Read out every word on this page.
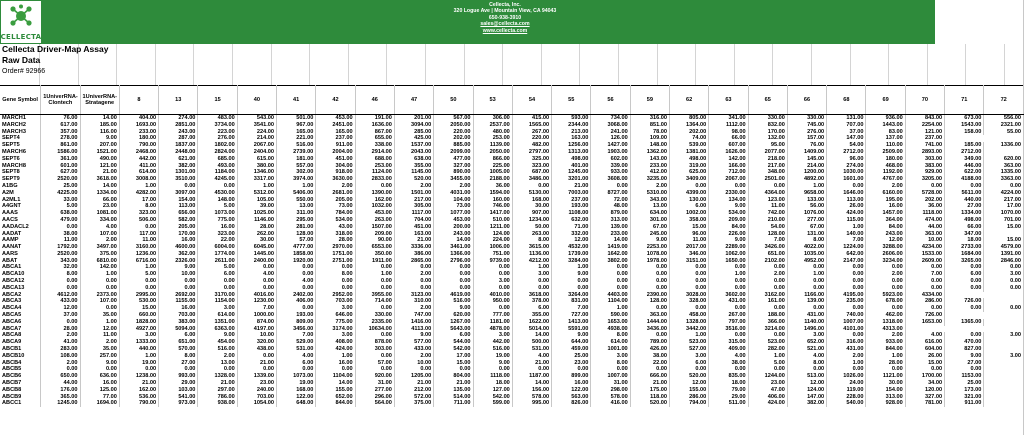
CELLECTA
Cellecta, Inc.
320 Logue Ave | Mountain View, CA 94043
650-938-3910
sales@cellecta.com
www.cellecta.com
Cellecta Driver-Map Assay
Raw Data
Order# 92966
Gene Symbol	1UniverRNA-Clontech	1UniverRNA-Stratagene	8	13	15	40	41	42	46	47	50	53	54	55	56	59	62	63	65	66	68	69	70	71	72
MARCH1	76.00	14.00	404.00	274.00	483.00	543.00	501.00	453.00	191.00	201.00	567.00	306.00	415.00	593.00	734.00	316.00	805.00	341.00	330.00	330.00	131.00	936.00	843.00	673.00	556.00
MARCH2	617.00	185.00	1693.00	2851.00	3734.00	3541.00	967.00	2451.00	1636.00	3094.00	2050.00	2537.00	1565.00	2344.00	3068.00	851.00	1364.00	1112.00	832.00	745.00	707.00	1443.00	2254.00	1543.00	2321.00
MARCH3	357.00	116.00	233.00	243.00	223.00	224.00	165.00	165.00	867.00	285.00	220.00	480.00	267.00	213.00	241.00	78.00	202.00	98.00	170.00	276.00	37.00	83.00	121.00	158.00	55.00
SEPT4	278.00	9.00	180.00	287.00	276.00	214.00	221.00	237.00	655.00	425.00	202.00	253.00	220.00	163.00	126.00	109.00	74.00	66.00	132.00	157.00	147.00	137.00	237.00		
SEPT5	861.00	207.00	790.00	1837.00	1802.00	2067.00	516.00	911.00	338.00	1537.00	885.00	1139.00	482.00	1256.00	1427.00	148.00	539.00	607.00	95.00	76.00	54.00	110.00	741.00	185.00	1336.00
MARCH6	1586.00	1521.00	2468.00	2448.00	2824.00	2404.00	2739.00	2004.00	2914.00	2043.00	2099.00	2050.00	2797.00	1313.00	1903.00	1362.00	1381.00	1626.00	2077.00	1409.00	2712.00	2509.00	2893.00	2712.00	
SEPT6	361.00	490.00	442.00	621.00	685.00	615.00	181.00	451.00	688.00	638.00	477.00	866.00	325.00	498.00	602.00	143.00	498.00	142.00	218.00	145.00	96.00	180.00	303.00	349.00	620.00
MARCH8	601.00	121.00	411.00	382.00	493.00	380.00	557.00	304.00	253.00	355.00	327.00	225.00	323.00	401.00	339.00	233.00	319.00	166.00	217.00	214.00	274.00	468.00	383.00	446.00	363.00
SEPT8	627.00	21.00	614.00	1301.00	1184.00	1346.00	302.00	918.00	1124.00	1145.00	890.00	1005.00	687.00	1245.00	933.00	412.00	625.00	712.00	348.00	1200.00	1030.00	1192.00	929.00	622.00	1335.00
SEPT9	2520.00	3618.00	3008.00	3510.00	4245.00	3317.00	3974.00	3630.00	2833.00	520.00	3455.00	2188.00	3486.00	3201.00	3608.00	3235.00	3409.00	2067.00	2501.00	4892.00	1601.00	4767.00	3205.00	4188.00	3363.00
A1BG	25.00	14.00	1.00	0.00	0.00	1.00	1.00	2.00	0.00	2.00	2.00	36.00	0.00	21.00	0.00	2.00	0.00	0.00	0.00	1.00	0.00	2.00	0.00	0.00	0.00
A2M	4225.00	1334.00	4282.00	3097.00	4530.00	5312.00	5406.00	2681.00	1390.00	1501.00	4031.00	1594.00	5130.00	7003.00	8727.00	5310.00	4399.00	2330.00	4364.00	9658.00	1646.00	6160.00	5728.00	5611.00	4224.00
A2ML1	33.00	66.00	17.00	154.00	148.00	105.00	550.00	205.00	162.00	217.00	104.00	160.00	168.00	237.00	72.00	343.00	130.00	134.00	123.00	133.00	113.00	195.00	202.00	440.00	217.00
A4GNT	5.00	23.00	8.00	113.00	5.00	39.00	13.00	73.00	1032.00	305.00	73.00	746.00	30.00	193.00	48.00	13.00	6.00	9.00	11.00	56.00	26.00	16.00	36.00	27.00	17.00
AAAS	638.00	1081.00	323.00	656.00	1073.00	1025.00	311.00	784.00	453.00	1117.00	1077.00	1417.00	907.00	1108.00	879.00	634.00	1002.00	534.00	742.00	1076.00	424.00	1457.00	1118.00	1334.00	1070.00
AACS	479.00	334.00	506.00	582.00	775.00	1146.00	295.00	534.00	263.00	704.00	453.00	510.00	1234.00	632.00	313.00	301.00	358.00	209.00	210.00	277.00	115.00	364.00	474.00	498.00	701.00
AADACL2	0.00	4.00	0.00	205.00	16.00	28.00	281.00	43.00	1507.00	451.00	200.00	1211.00	50.00	71.00	139.00	67.00	15.00	84.00	54.00	67.00	1.00	84.00	44.00	66.00	15.00
AADAT	38.00	107.00	117.00	170.00	323.00	262.00	128.00	318.00	209.00	163.00	243.00	124.00	263.00	332.00	233.00	245.00	96.00	226.00	128.00	131.00	140.00	243.00	363.00	347.00	
AAMP	11.00	2.00	11.00	16.00	22.00	30.00	57.00	28.00	90.00	21.00	14.00	224.00	8.00	12.00	14.00	9.00	11.00	9.00	7.00	8.00	7.00	12.00	10.00	18.00	15.00
AANAT	1792.00	3497.00	3160.00	4600.00	6004.00	6045.00	4777.00	2970.00	6553.00	3336.00	3461.00	1006.00	3615.00	4532.00	1419.00	2253.00	2017.00	2289.00	3426.00	4022.00	1224.00	3288.00	4234.00	2733.00	4579.00
AARS	2520.00	375.00	1236.00	362.00	1774.00	1445.00	1858.00	1751.00	350.00	386.00	1366.00	751.00	1136.00	1739.00	1642.00	1078.00	346.00	1062.00	651.00	1035.00	642.00	2606.00	1533.00	1684.00	1391.00
ABAT	343.00	6810.00	6716.00	2326.00	2611.00	2400.00	1920.00	2751.00	1911.00	2865.00	2796.00	9739.00	4212.00	3284.00	3802.00	1978.00	3151.00	1650.00	2102.00	4952.00	2147.00	3234.00	2609.00	3265.00	2846.00
ABCA1	32.00	142.00	1.00	9.00	5.00	0.00	0.00	0.00	0.00	0.00	0.00	0.00	1.00	1.00	0.00	0.00	0.00	0.00	0.00	0.00	0.00	0.00	0.00	0.00	0.00
ABCA10	8.00	1.00	5.00	10.00	6.00	4.00	0.00	8.00	1.00	2.00	0.00	0.00	3.00	9.00	0.00	0.00	0.00	1.00	2.00	1.00	0.00	2.00	7.00	6.00	3.00
ABCA12	0.00	0.00	0.00	0.00	0.00	0.00	4.00	0.00	0.00	0.00	0.00	3.00	0.00	0.00	0.00	0.00	0.00	0.00	0.00	0.00	0.00	0.00	0.00	0.00	0.00
ABCA13	0.00	0.00	0.00	0.00	0.00	0.00	0.00	0.00	0.00	0.00	0.00	0.00	0.00	0.00	0.00	0.00	0.00	0.00	0.00	0.00	0.00	0.00	0.00	0.00	0.00
ABCA2	4612.00	2373.00	2995.00	2692.00	3170.00	4016.00	2402.00	2952.00	3955.00	3123.00	4619.00	4010.00	3618.00	3264.00	4403.00	2390.00	3028.00	3602.00	3162.00	1166.00	4195.00	5923.00	4334.00		
ABCA3	433.00	107.00	530.00	1155.00	1154.00	1230.00	406.00	703.00	714.00	310.00	516.00	950.00	378.00	831.00	1104.00	128.00	328.00	431.00	161.00	139.00	235.00	678.00	286.00	726.00	
ABCA4	12.00	0.00	15.00	16.00	3.00	7.00	0.00	3.00	0.00	2.00	9.00	0.00	6.00	7.00	1.00	0.00	0.00	0.00	0.00	0.00	0.00	0.00	0.00	0.00	0.00
ABCA5	37.00	35.00	660.00	703.00	614.00	1000.00	193.00	646.00	330.00	747.00	620.00	777.00	355.00	727.00	590.00	363.00	458.00	267.00	188.00	431.00	740.00	462.00	726.00		
ABCA6	0.00	1.00	1828.00	383.00	1351.00	874.00	809.00	775.00	2335.00	1416.00	1267.00	1181.00	1622.00	1413.00	1653.00	1444.00	1328.00	797.00	366.00	1140.00	1007.00	1318.00	1653.00	1365.00	
ABCA7	28.00	12.00	4927.00	5094.00	6363.00	4197.00	3456.00	3174.00	10634.00	4113.00	5643.00	4878.00	5014.00	5591.00	4938.00	3436.00	3442.00	3516.00	3214.00	1496.00	4101.00	4313.00			
ABCA8	2.00	11.00	3.00	6.00	9.00	10.00	7.00	3.00	0.00	9.00	6.00	3.00	14.00	9.00	8.00	0.00	1.00	0.00	0.00	3.00	0.00	2.00	4.00	0.00	3.00
ABCA9	41.00	2.00	1333.00	651.00	454.00	320.00	529.00	408.00	878.00	577.00	544.00	442.00	500.00	644.00	614.00	789.00	523.00	315.00	523.00	652.00	316.00	933.00	616.00	470.00	
ABCB1	283.00	35.00	440.00	570.00	516.00	438.00	531.00	424.00	303.00	433.00	542.00	516.00	531.00	459.00	1001.00	426.00	527.00	409.00	282.00	521.00	431.00	844.00	604.00	827.00	
ABCB10	108.00	257.00	1.00	8.00	2.00	0.00	4.00	1.00	0.00	2.00	17.00	19.00	4.00	25.00	3.00	38.00	3.00	4.00	1.00	4.00	2.00	1.00	26.00	9.00	3.00
ABCB4	2.00	9.00	19.00	27.00	13.00	21.00	6.00	16.00	57.00	10.00	15.00	9.00	21.00	23.00	8.00	22.00	6.00	38.00	5.00	8.00	1.00	28.00	15.00	27.00	
ABCB5	0.00	0.00	0.00	0.00	0.00	0.00	0.00	0.00	0.00	0.00	0.00	0.00	0.00	0.00	0.00	0.00	0.00	0.00	0.00	0.00	0.00	0.00	0.00	0.00	
ABCB6	650.00	636.00	1238.00	993.00	1328.00	1339.00	1073.00	1104.00	920.00	1205.00	804.00	1118.00	1187.00	899.00	1007.00	666.00	520.00	835.00	1244.00	513.00	1026.00	1121.00	1700.00	1153.00	
ABCB7	44.00	16.00	21.00	29.00	21.00	23.00	19.00	14.00	31.00	21.00	21.00	18.00	14.00	16.00	31.00	21.00	12.00	18.00	23.00	12.00	24.00	30.00	34.00	25.00	
ABCB8	176.00	125.00	162.00	103.00	297.00	240.00	168.00	155.00	277.00	212.00	135.00	127.00	156.00	122.00	298.00	175.00	155.00	79.00	47.00	124.00	119.00	154.00	120.00	173.00	
ABCB9	365.00	77.00	536.00	541.00	786.00	703.00	122.00	652.00	296.00	572.00	514.00	542.00	578.00	563.00	578.00	118.00	286.00	29.00	406.00	147.00	228.00	313.00	327.00	321.00	
ABCC1	1245.00	1694.00	790.00	973.00	938.00	1054.00	648.00	844.00	564.00	375.00	711.00	599.00	995.00	826.00	416.00	520.00	794.00	511.00	424.00	382.00	540.00	928.00	781.00	911.00	
